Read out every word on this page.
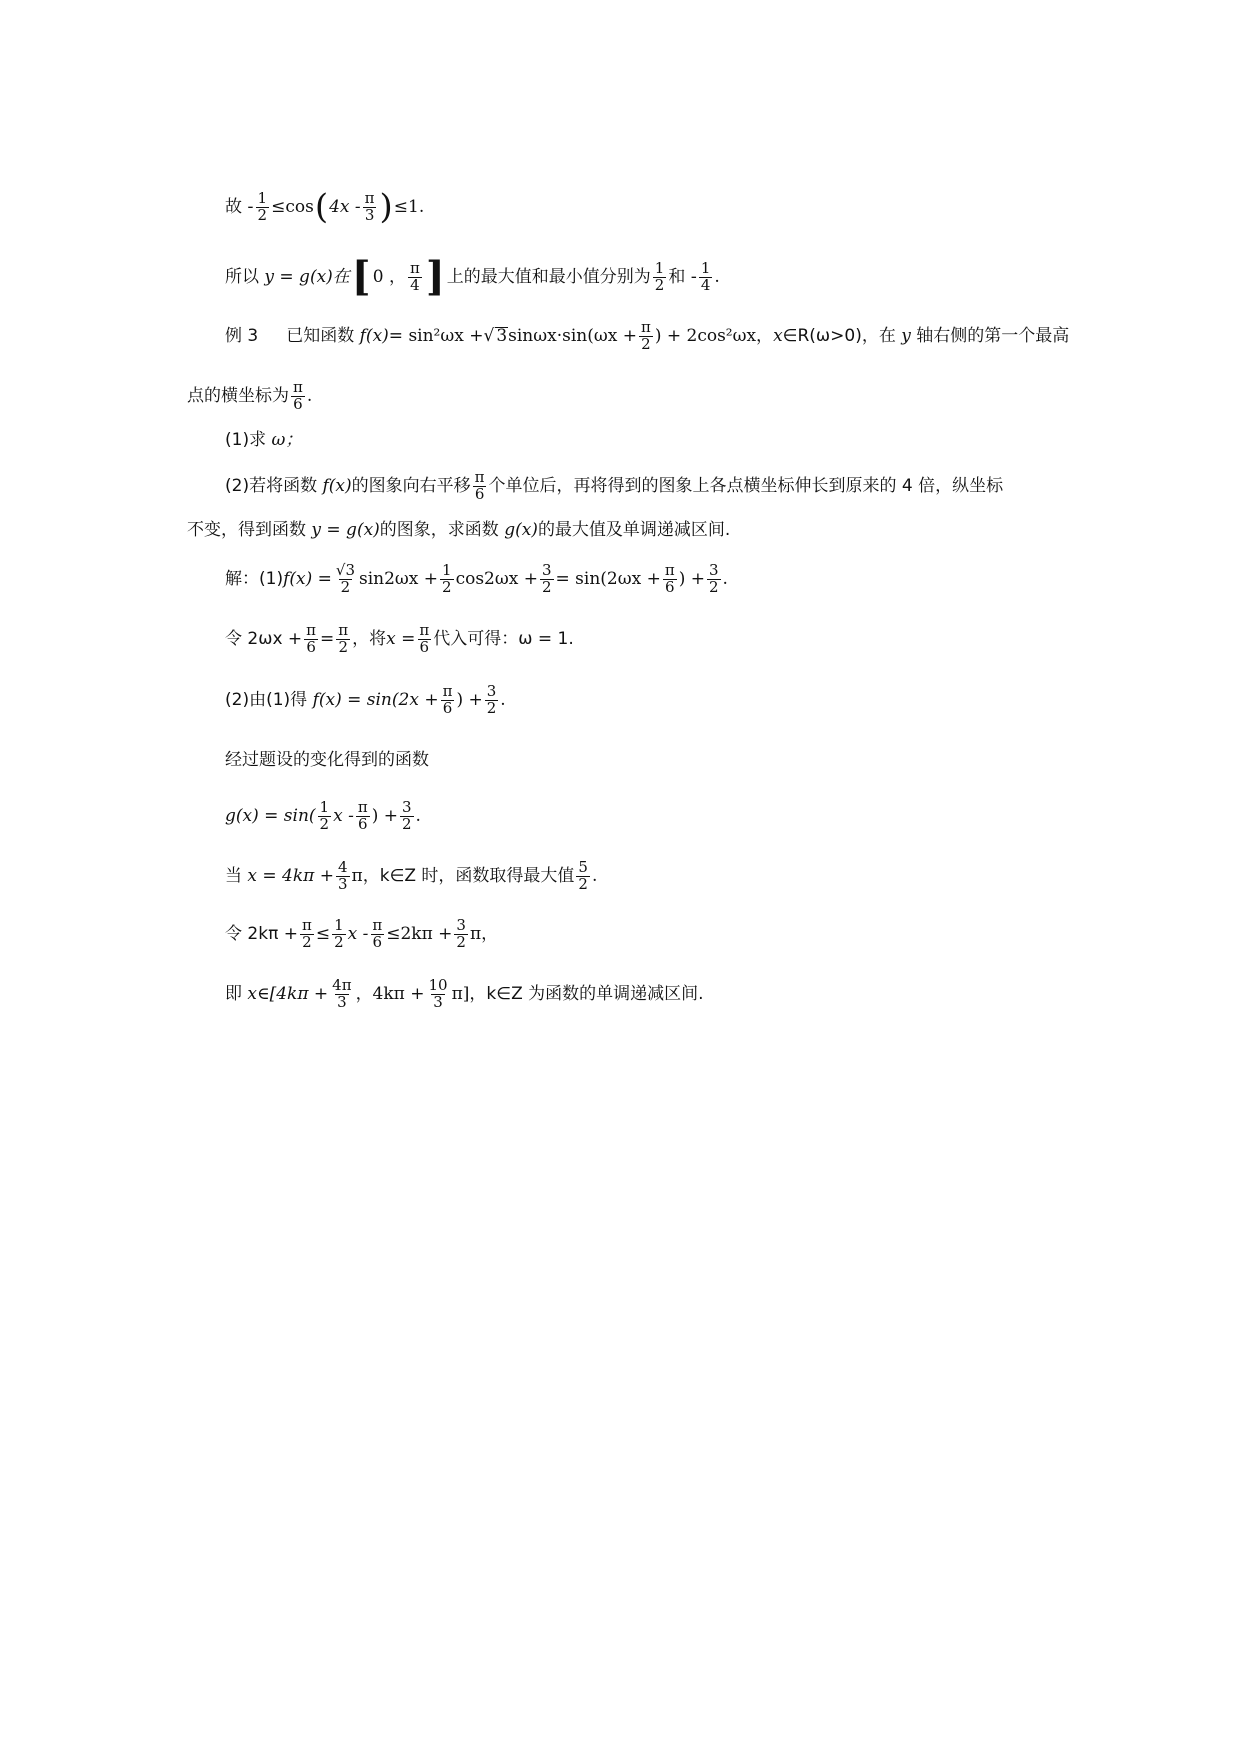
故 - $\frac{1}{2} \le\cos$ ( $4x - \frac{\pi}{3}$ ) ≤1.
所以
y = g(x)在 [ 0 ， $\frac{\pi}{4}$ ] 上的最大值和最小值分别为 $\frac{1}{2}$ 和 - $\frac{1}{4}$ .
例 3 已知函数
f(x) = sin²ωx + √ 3 $\sin\omega x\cdot\sin(\omega x + \frac{\pi}{2}$ ) + 2cos²ωx， x ∈R(ω>0)，在
y
轴右侧的第一个最高
点的横坐标为 $\frac{\pi}{6}$ .
(1)求
ω；
(2)若将函数
f(x) 的图象向右平移 $\frac{\pi}{6}$ 个单位后，再将得到的图象上各点横坐标伸长到原来的 4 倍，纵坐标
不变，得到函数
y = g(x) 的图象，求函数
g(x) 的最大值及单调递减区间.
解：(1) $f(x) = \frac{√3}{2} \sin 2\omega x + \frac{1}{2} \cos 2\omega x + \frac{3}{2} = \sin(2\omega x + \frac{\pi}{6}$ ) + $\frac{3}{2}$ .
令 $2\omega x + \frac{\pi}{6} = \frac{\pi}{2}$ ，将 $x = \frac{\pi}{6}$ 代入可得：ω = 1.
(2)由(1)得
$f(x) = \sin(2x + \frac{\pi}{6}$ ) + $\frac{3}{2}$ .
经过题设的变化得到的函数
$g(x) = \sin( \frac{1}{2}$ x - $\frac{\pi}{6}$ ) + $\frac{3}{2}$ .
当
$x = 4k\pi + \frac{4}{3}$ π， k∈Z 时，函数取得最大值 $\frac{5}{2}$ .
令 $2k\pi + \frac{\pi}{2} \le \frac{1}{2}$ $x - \frac{\pi}{6} \le 2k\pi + \frac{3}{2}$ π，
即
x∈[4kπ + $\frac{4\pi}{3}$ ，$4k\pi + \frac{10}{3} \pi$]， k∈Z 为函数的单调递减区间.
